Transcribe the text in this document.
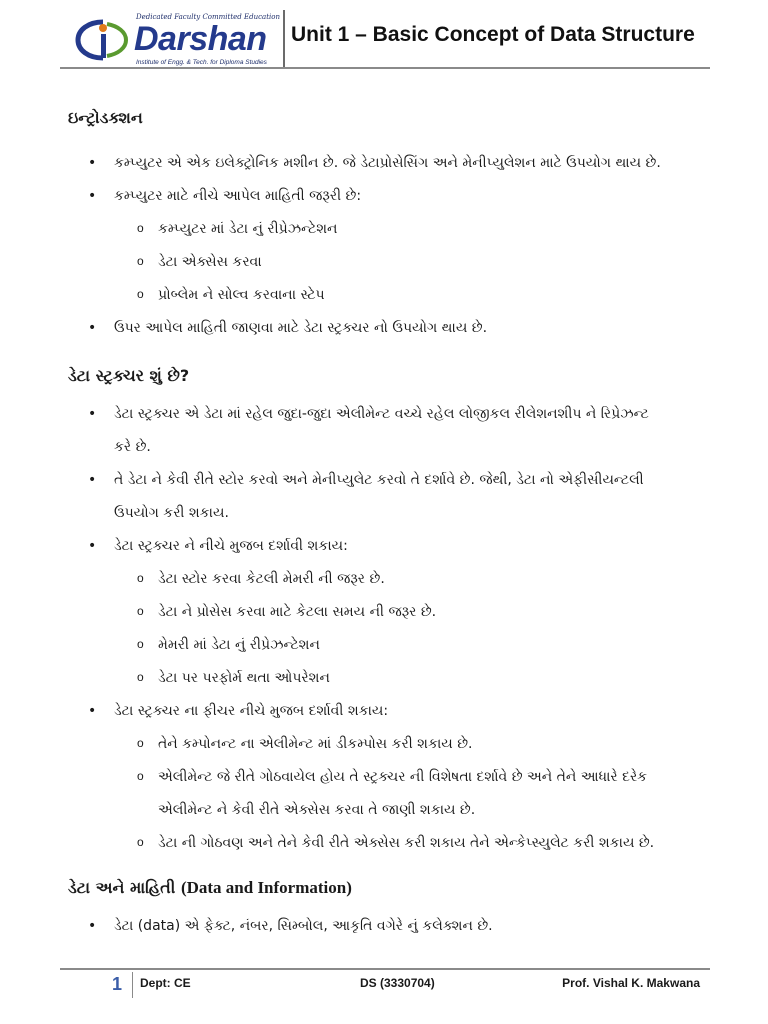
Dedicated Faculty Committed Education
Darshan
Institute of Engg. & Tech. for Diploma Studies
Unit 1 – Basic Concept of Data Structure
ઇન્ટ્રોડક્શન
• કમ્પ્યુટર એ એક ઇલેક્ટ્રોનિક મશીન છે. જે ડેટાપ્રોસેસિંગ અને મેનીપ્યુલેશન માટે ઉપયોગ થાય છે.
• કમ્પ્યુટર માટે નીચે આપેલ માહિતી જરૂરી છે:
o કમ્પ્યુટર માં ડેટા નું રીપ્રેઝન્ટેશન
o ડેટા એક્સેસ કરવા
o પ્રોબ્લેમ ને સોલ્વ કરવાના સ્ટેપ
• ઉપર આપેલ માહિતી જાણવા માટે ડેટા સ્ટ્રક્ચર નો ઉપયોગ થાય છે.
ડેટા સ્ટ્રક્ચર શું છે?
• ડેટા સ્ટ્રક્ચર એ ડેટા માં રહેલ જુદા-જુદા એલીમેન્ટ વચ્ચે રહેલ લોજીકલ રીલેશનશીપ ને રિપ્રેઝન્ટ
કરે છે.
• તે ડેટા ને કેવી રીતે સ્ટોર કરવો અને મેનીપ્યુલેટ કરવો તે દર્શાવે છે. જેથી, ડેટા નો એફીસીયન્ટલી
ઉપયોગ કરી શકાય.
• ડેટા સ્ટ્રક્ચર ને નીચે મુજબ દર્શાવી શકાય:
o ડેટા સ્ટોર કરવા કેટલી મેમરી ની જરૂર છે.
o ડેટા ને પ્રોસેસ કરવા માટે કેટલા સમય ની જરૂર છે.
o મેમરી માં ડેટા નું રીપ્રેઝન્ટેશન
o ડેટા પર પરફોર્મ થતા ઓપરેશન
• ડેટા સ્ટ્રક્ચર ના ફીચર નીચે મુજબ દર્શાવી શકાય:
o તેને કમ્પોનન્ટ ના એલીમેન્ટ માં ડીકમ્પોસ કરી શકાય છે.
o એલીમેન્ટ જે રીતે ગોઠવાયેલ હોય તે સ્ટ્રક્ચર ની વિશેષતા દર્શાવે છે અને તેને આધારે દરેક
એલીમેન્ટ ને કેવી રીતે એક્સેસ કરવા તે જાણી શકાય છે.
o ડેટા ની ગોઠવણ અને તેને કેવી રીતે એક્સેસ કરી શકાય તેને એન્કેપ્સ્યુલેટ કરી શકાય છે.
ડેટા અને માહિતી (Data and Information)
• ડેટા (data) એ ફેક્ટ, નંબર, સિમ્બોલ, આકૃતિ વગેરે નું કલેક્શન છે.
1 Dept: CE	DS (3330704)	Prof. Vishal K. Makwana
